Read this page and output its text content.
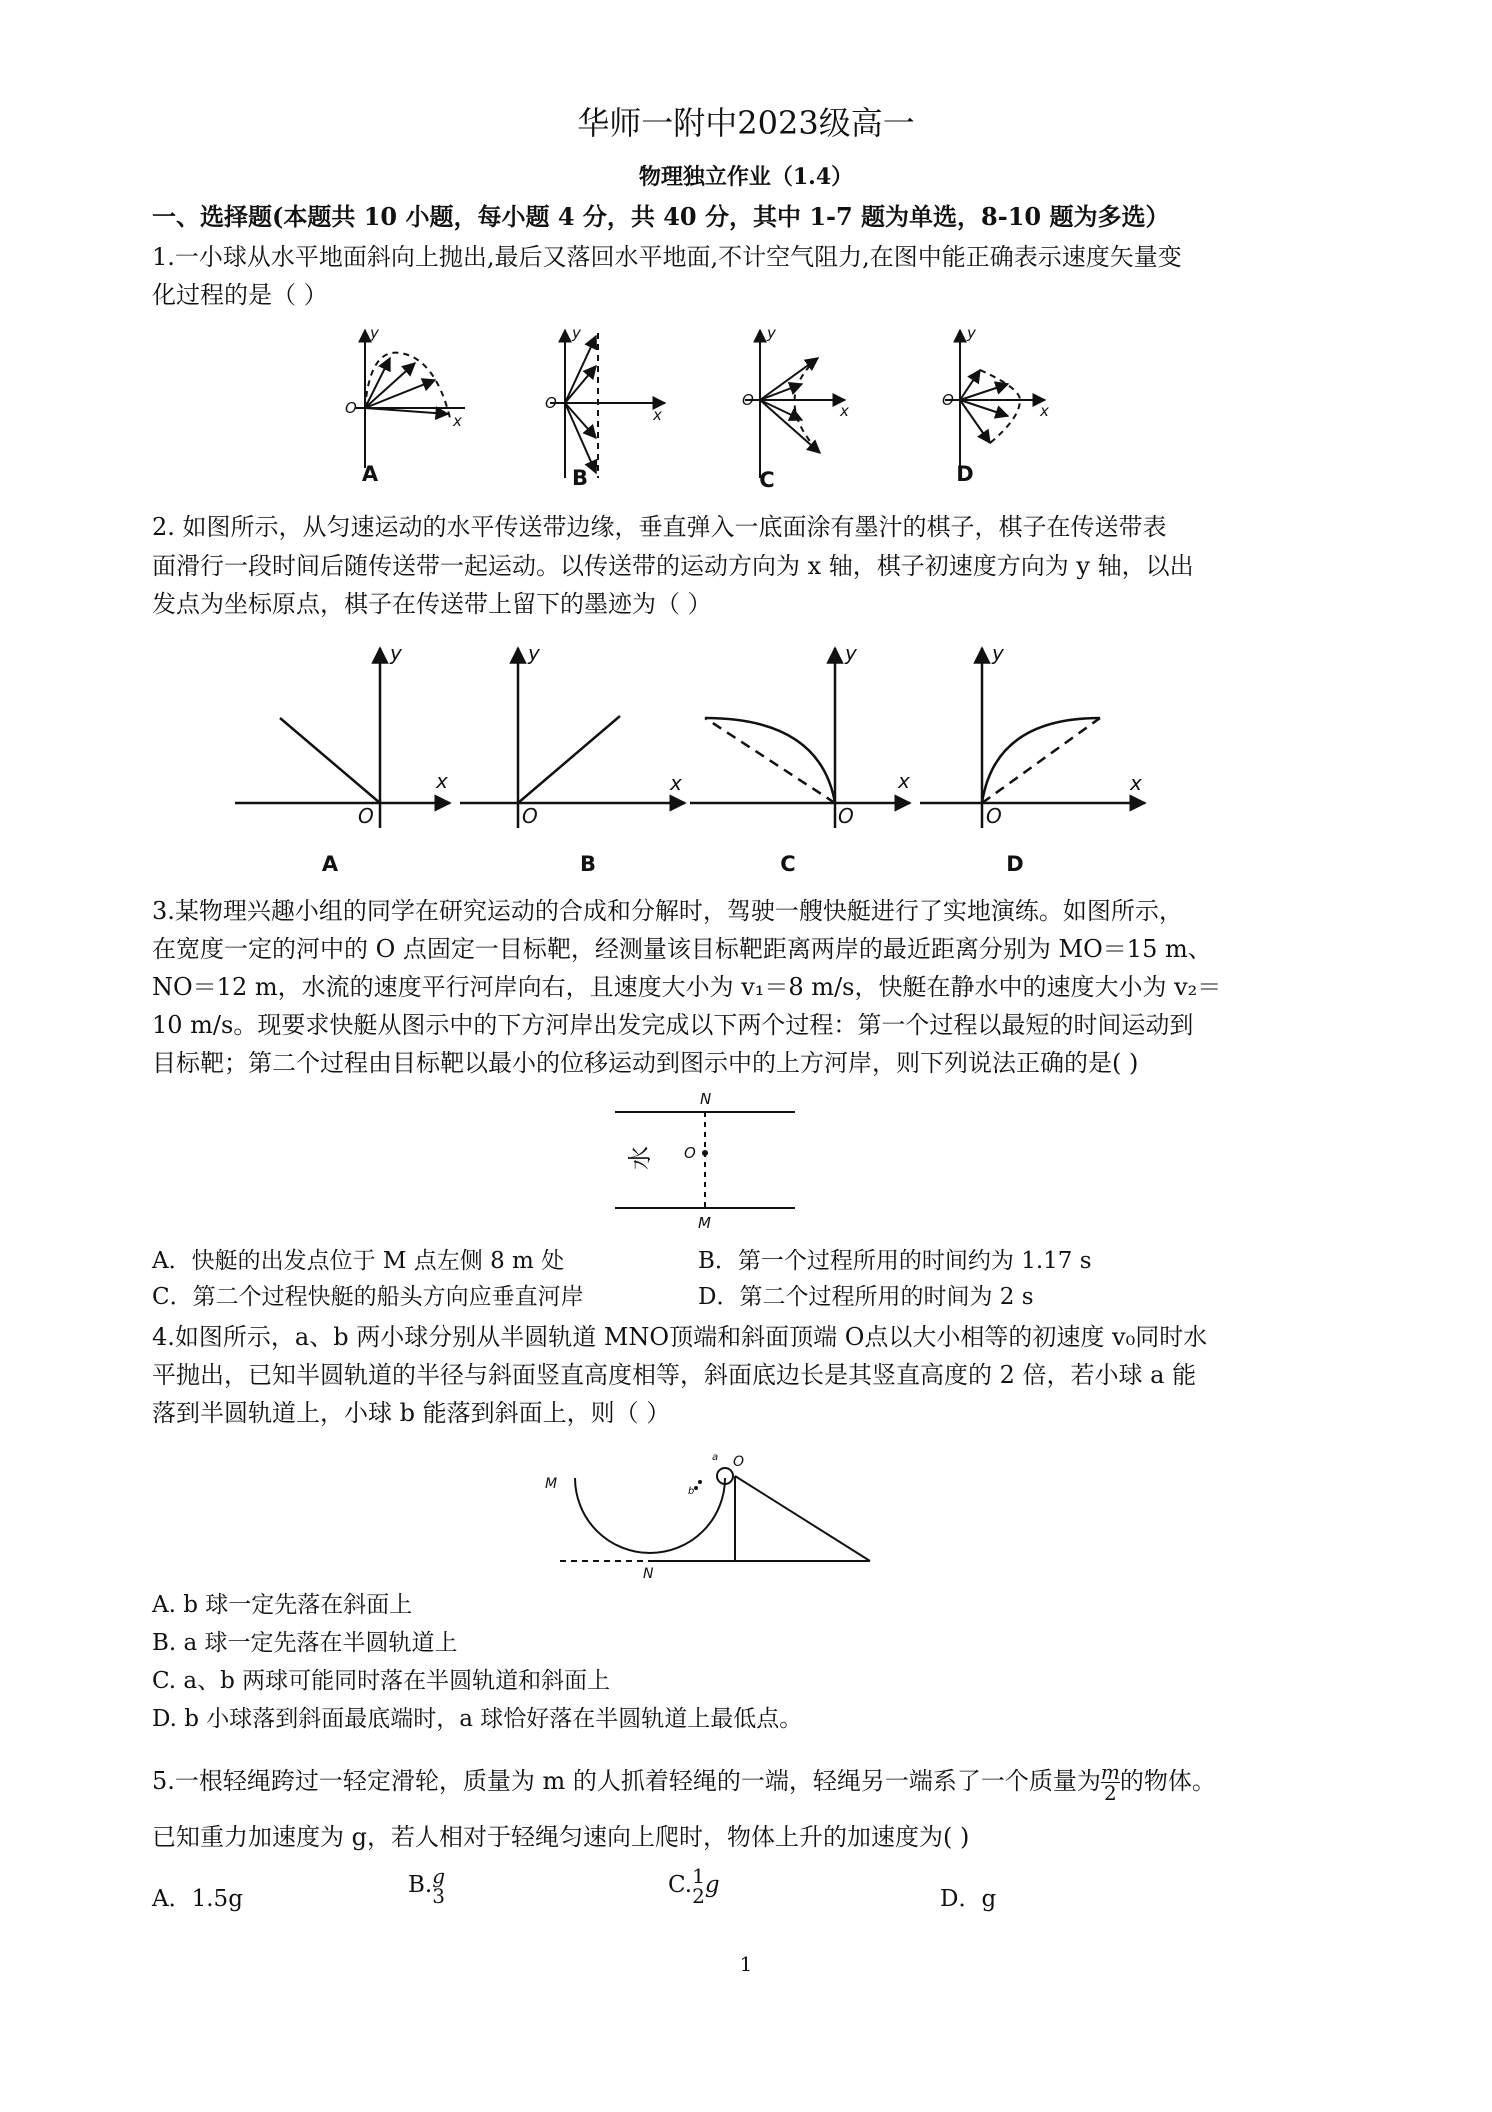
华师一附中2023级高一
物理独立作业（1.4）
一、选择题(本题共 10 小题，每小题 4 分，共 40 分，其中 1-7 题为单选，8-10 题为多选）
1.一小球从水平地面斜向上抛出,最后又落回水平地面,不计空气阻力,在图中能正确表示速度矢量变
化过程的是（ ）
y
O
x
y
O
x
y
O
x
y
O
x
A	B	C	D
2. 如图所示，从匀速运动的水平传送带边缘，垂直弹入一底面涂有墨汁的棋子，棋子在传送带表
面滑行一段时间后随传送带一起运动。以传送带的运动方向为 x 轴，棋子初速度方向为 y 轴，以出
发点为坐标原点，棋子在传送带上留下的墨迹为（ ）
y
x
O
y
x
O
y
x
O
y
x
O
A	B	C	D
3.某物理兴趣小组的同学在研究运动的合成和分解时，驾驶一艘快艇进行了实地演练。如图所示，
在宽度一定的河中的 O 点固定一目标靶，经测量该目标靶距离两岸的最近距离分别为 MO＝15 m、
NO＝12 m，水流的速度平行河岸向右，且速度大小为 v₁＝8 m/s，快艇在静水中的速度大小为 v₂＝
10 m/s。现要求快艇从图示中的下方河岸出发完成以下两个过程：第一个过程以最短的时间运动到
目标靶；第二个过程由目标靶以最小的位移运动到图示中的上方河岸，则下列说法正确的是( )
N
O
M
水
A．快艇的出发点位于 M 点左侧 8 m 处	B．第一个过程所用的时间约为 1.17 s
C．第二个过程快艇的船头方向应垂直河岸	D．第二个过程所用的时间为 2 s
4.如图所示，a、b 两小球分别从半圆轨道 MNO顶端和斜面顶端 O点以大小相等的初速度 v₀同时水
平抛出，已知半圆轨道的半径与斜面竖直高度相等，斜面底边长是其竖直高度的 2 倍，若小球 a 能
落到半圆轨道上，小球 b 能落到斜面上，则（ ）
M
N
O
a
b
A. b 球一定先落在斜面上
B. a 球一定先落在半圆轨道上
C. a、b 两球可能同时落在半圆轨道和斜面上
D. b 小球落到斜面最底端时，a 球恰好落在半圆轨道上最低点。
5.一根轻绳跨过一轻定滑轮，质量为 m 的人抓着轻绳的一端，轻绳另一端系了一个质量为 $\frac{m}{2}$ 的物体。
已知重力加速度为 g，若人相对于轻绳匀速向上爬时，物体上升的加速度为( )
A．1.5g
B. g
3	C. 1
2 g
D．g
1
